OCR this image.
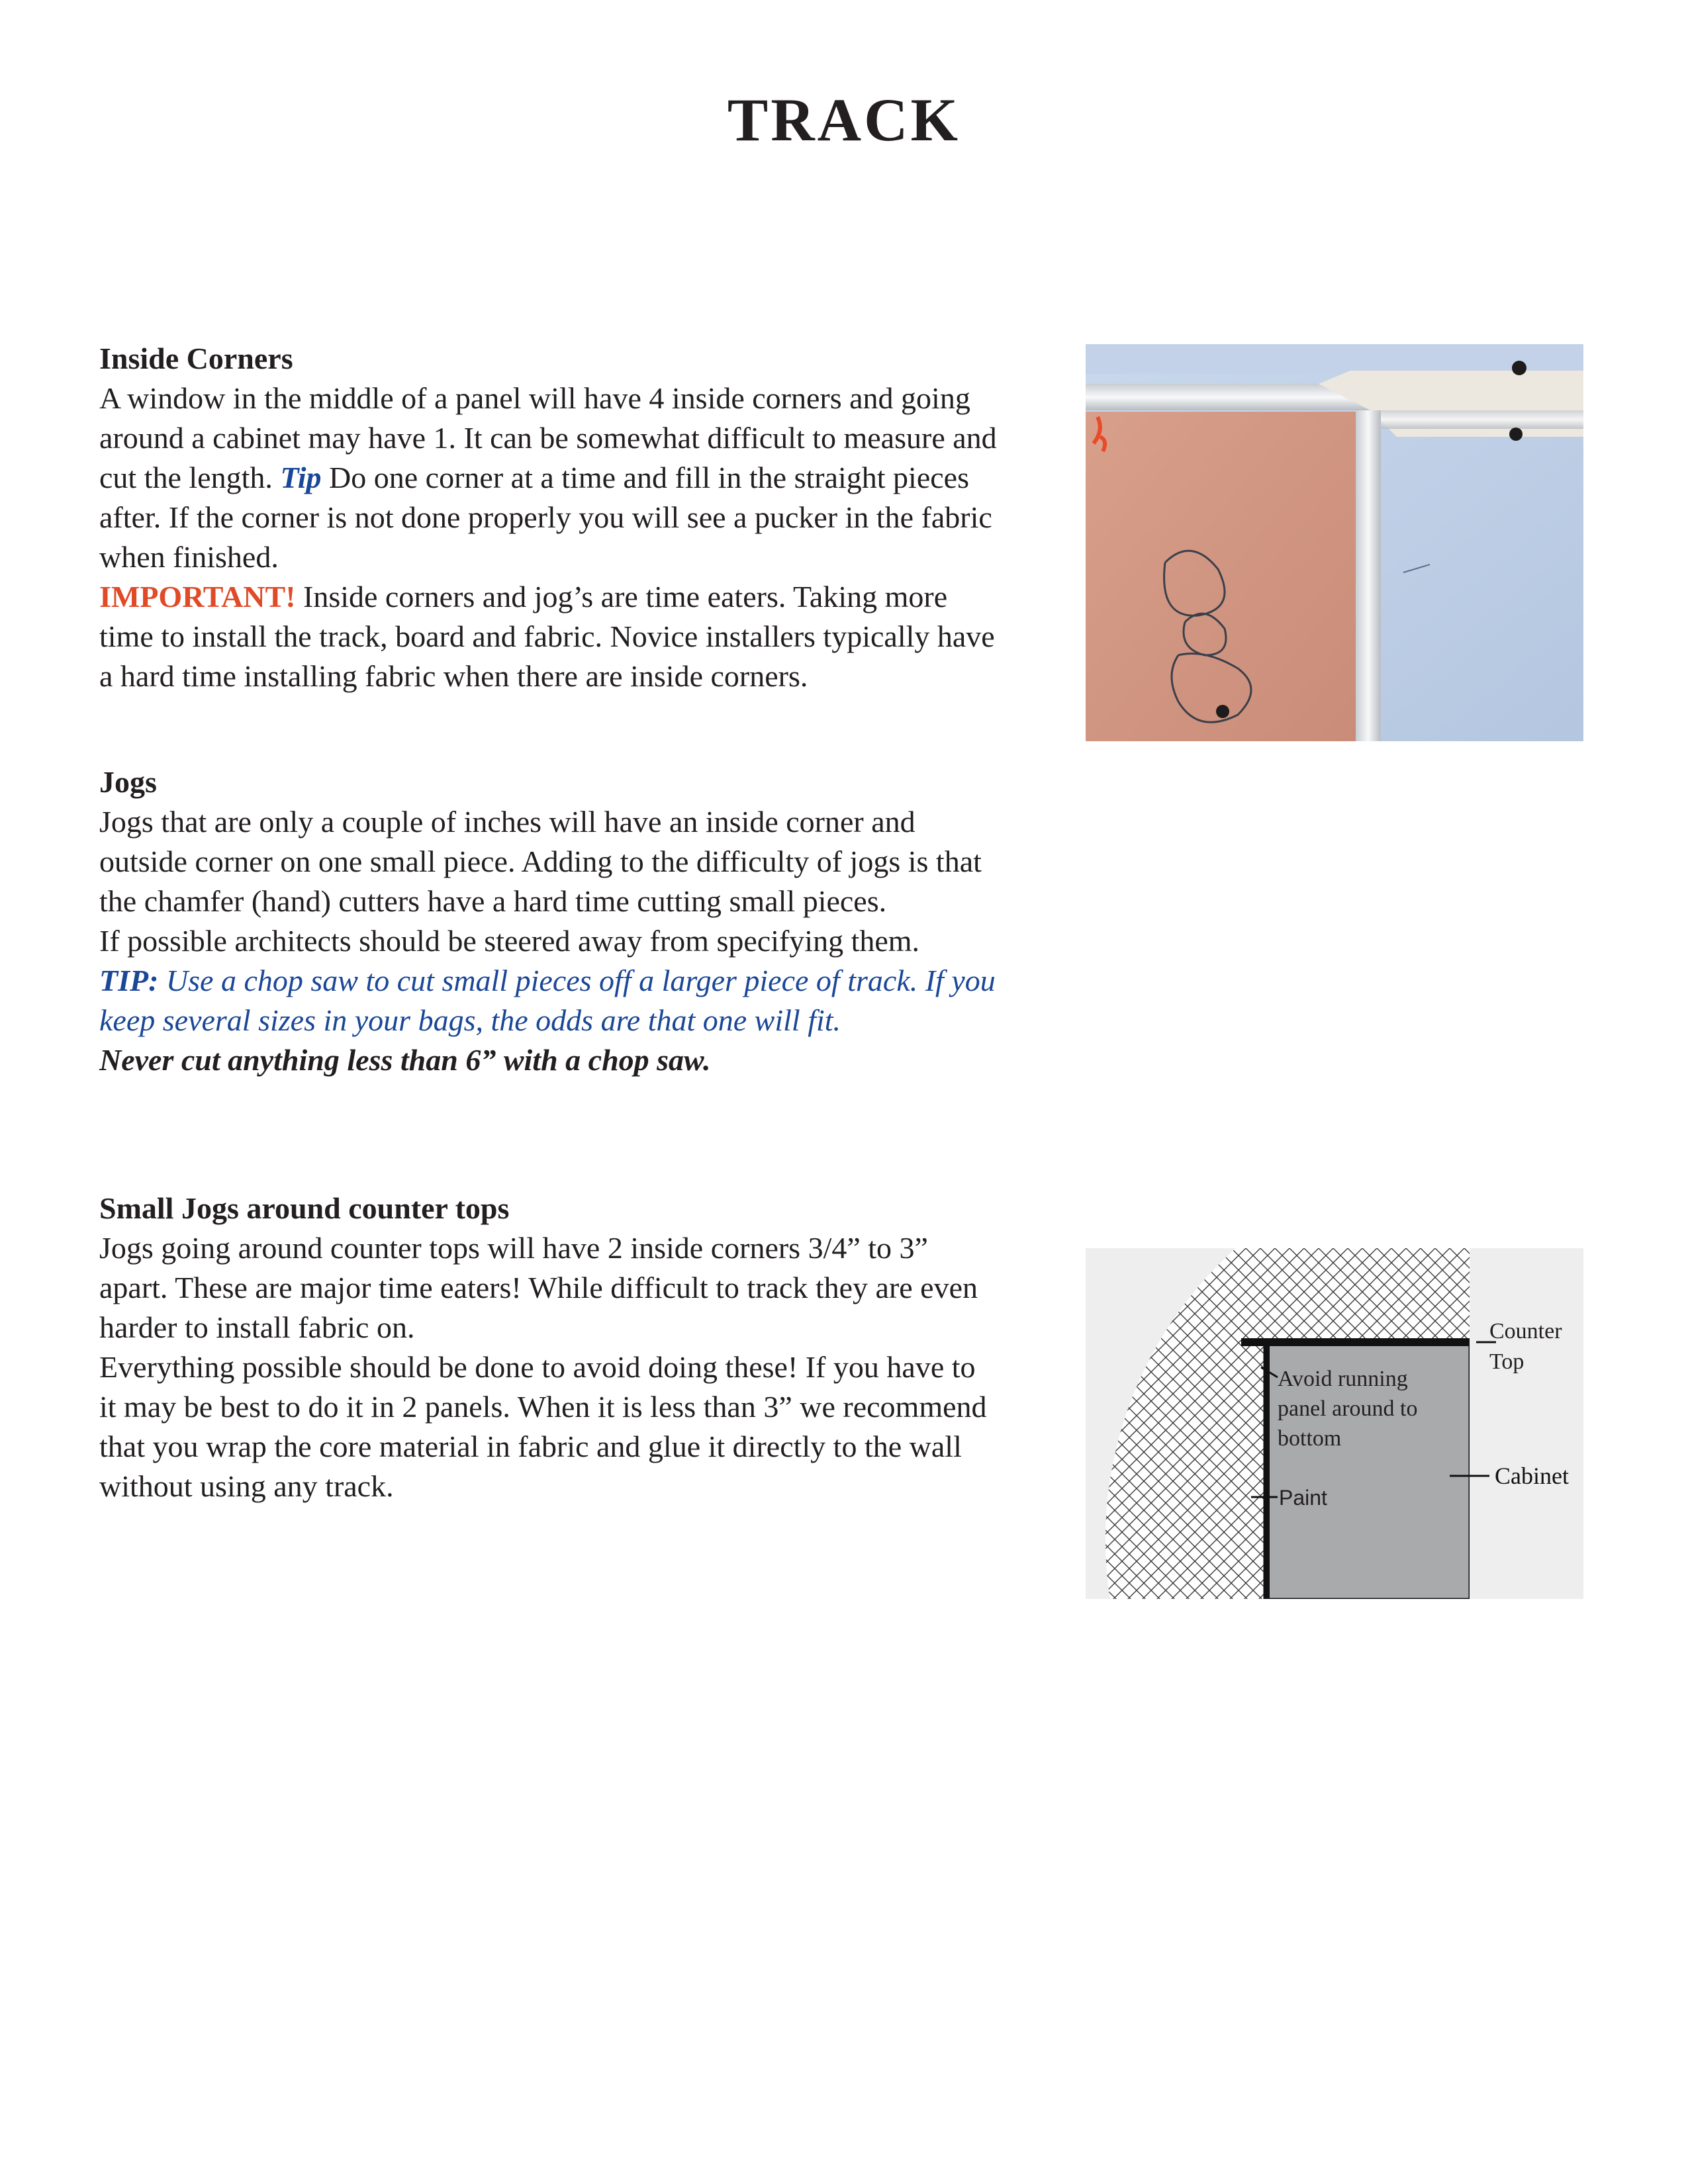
TRACK

Inside Corners

A window in the middle of a panel will have 4 inside corners and going

around a cabinet may have 1. It can be somewhat difficult to measure and

cut the length. Tip Do one corner at a time and fill in the straight pieces

after. If the corner is not done properly you will see a pucker in the fabric

when finished.

IMPORTANT! Inside corners and jog’s are time eaters. Taking more

time to install the track, board and fabric. Novice installers typically have

a hard time installing fabric when there are inside corners.

Jogs

Jogs that are only a couple of inches will have an inside corner and

outside corner on one small piece. Adding to the difficulty of jogs is that

the chamfer (hand) cutters have a hard time cutting small pieces.

If possible architects should be steered away from specifying them.

TIP: Use a chop saw to cut small pieces off a larger piece of track. If you

keep several sizes in your bags, the odds are that one will fit.

Never cut anything less than 6” with a chop saw.

Small Jogs around counter tops

Jogs going around counter tops will have 2 inside corners 3/4” to 3”

apart. These are major time eaters! While difficult to track they are even

harder to install fabric on.

Everything possible should be done to avoid doing these! If you have to

it may be best to do it in 2 panels. When it is less than 3” we recommend

that you wrap the core material in fabric and glue it directly to the wall

without using any track.

Counter
Top
Avoid running
panel around to
bottom
Paint
Cabinet
